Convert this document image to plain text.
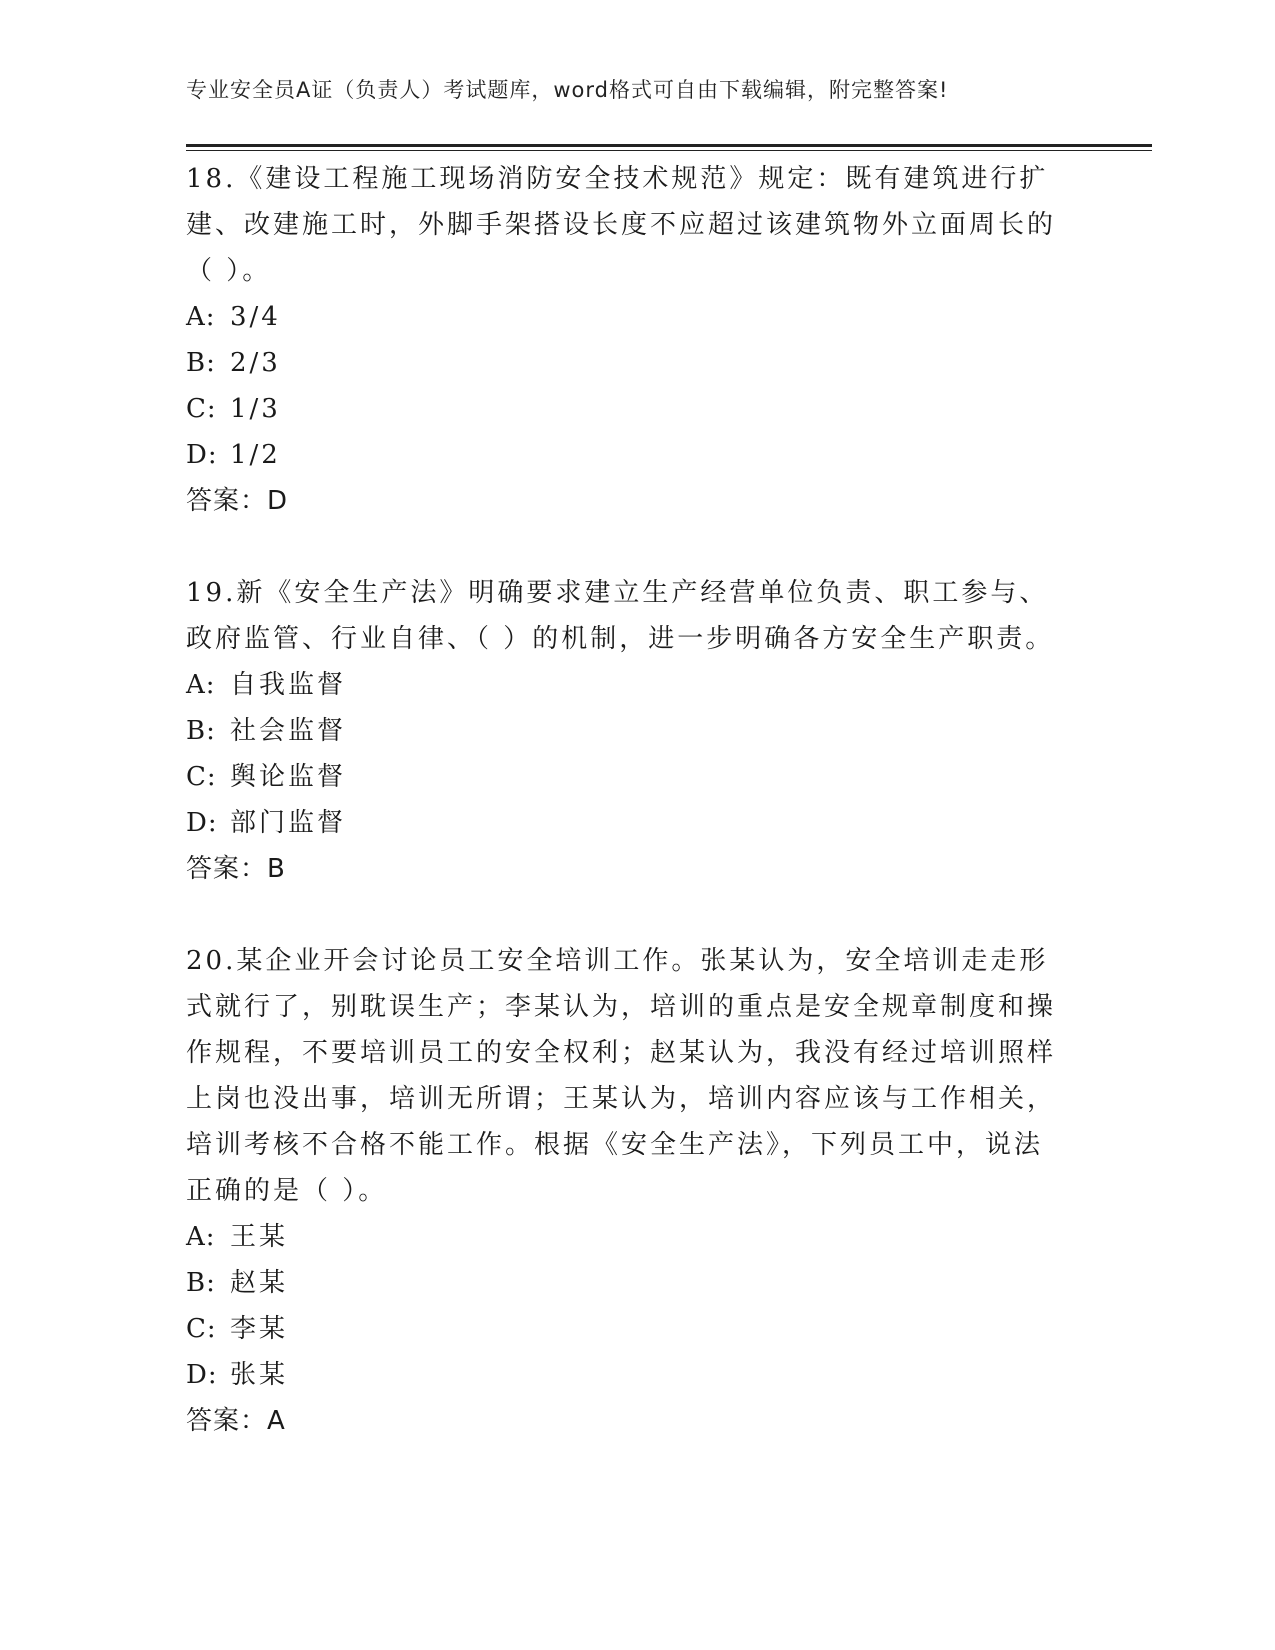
专业安全员A证（负责人）考试题库，word格式可自由下载编辑，附完整答案!

18.《建设工程施工现场消防安全技术规范》规定：既有建筑进行扩建、改建施工时，外脚手架搭设长度不应超过该建筑物外立面周长的（ ）。

A: 3/4

B: 2/3

C: 1/3

D: 1/2

答案：D

19.新《安全生产法》明确要求建立生产经营单位负责、职工参与、政府监管、行业自律、（ ）的机制，进一步明确各方安全生产职责。

A: 自我监督

B: 社会监督

C: 舆论监督

D: 部门监督

答案：B

20.某企业开会讨论员工安全培训工作。张某认为，安全培训走走形式就行了，别耽误生产；李某认为，培训的重点是安全规章制度和操作规程，不要培训员工的安全权利；赵某认为，我没有经过培训照样上岗也没出事，培训无所谓；王某认为，培训内容应该与工作相关，培训考核不合格不能工作。根据《安全生产法》，下列员工中，说法正确的是（ ）。

A: 王某

B: 赵某

C: 李某

D: 张某

答案：A
